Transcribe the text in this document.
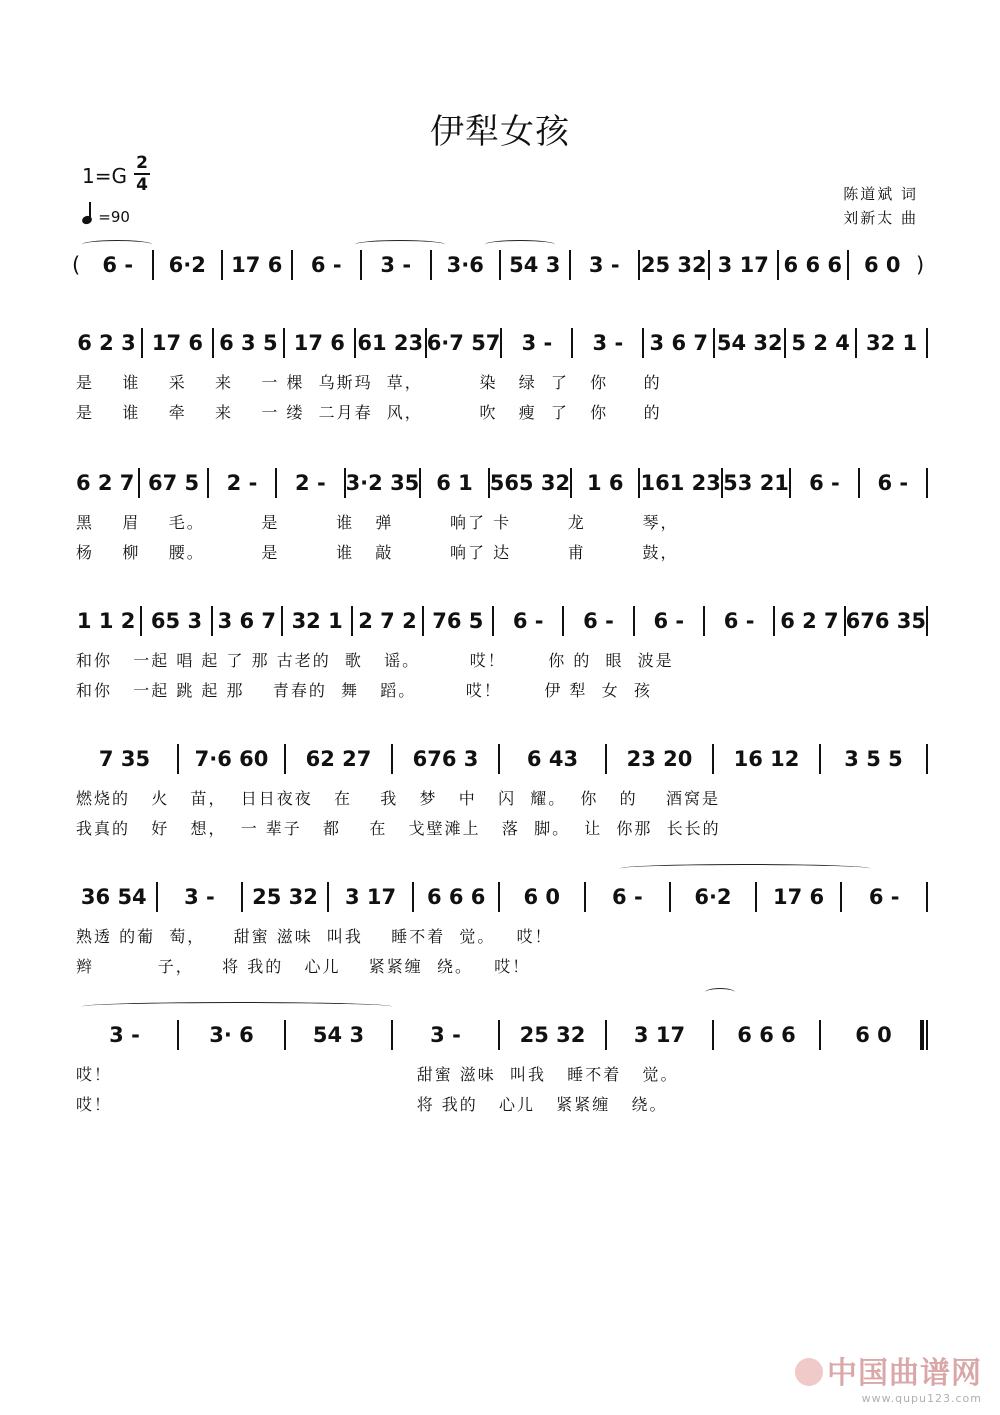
伊犁女孩
1=G
2
4
=90
陈道斌 词
刘新太 曲
(	6 -	6·2	17 6	6 -	3 -	3·6	54 3	3 -	25 32 3 17 6 6 6	6 0 )
6 2 3 17 6 6 3 5 17 6 61 23 6·7 57	3 -	3 -	3 6 7 54 32 5 2 4 32 1
是    谁    采    来    一 棵  乌斯玛  草，        染   绿  了   你     的
是    谁    牵    来    一 缕  二月春  风，        吹   瘦  了   你     的
6 2 7 67 5	2 -	2 - 3·2 35 6 1 565 32 1 6 161 23 53 21 6 -	6 -
黑    眉    毛。        是        谁   弹        响了 卡        龙        琴，
杨    柳    腰。        是        谁   敲        响了 达        甫        鼓，
1 1 2 65 3 3 6 7 32 1 2 7 2 76 5	6 -	6 -	6 -	6 -	6 2 7 676 35
和你   一起 唱 起 了 那 古老的  歌   谣。       哎！      你 的  眼  波是
和你   一起 跳 起 那    青春的  舞   蹈。       哎！      伊 犁  女  孩
7 35	7·6 60	62 27	676 3	6 43	23 20	16 12	3 5 5
燃烧的   火   苗，  日日夜夜   在    我   梦   中   闪  耀。  你   的    酒窝是
我真的   好   想，  一 辈子   都    在   戈壁滩上   落  脚。  让  你那  长长的
36 54	3 -	25 32	3 17	6 6 6	6 0	6 -	6·2	17 6	6 -
熟透 的葡  萄，    甜蜜 滋味  叫我    睡不着  觉。   哎！
辫         子，    将 我的   心儿    紧紧缠  绕。   哎！
3 -	3· 6	54 3	3 -	25 32	3 17	6 6 6	6 0
哎！                                           甜蜜 滋味  叫我   睡不着   觉。
哎！                                           将 我的   心儿   紧紧缠   绕。
中国曲谱网
www.qupu123.com
